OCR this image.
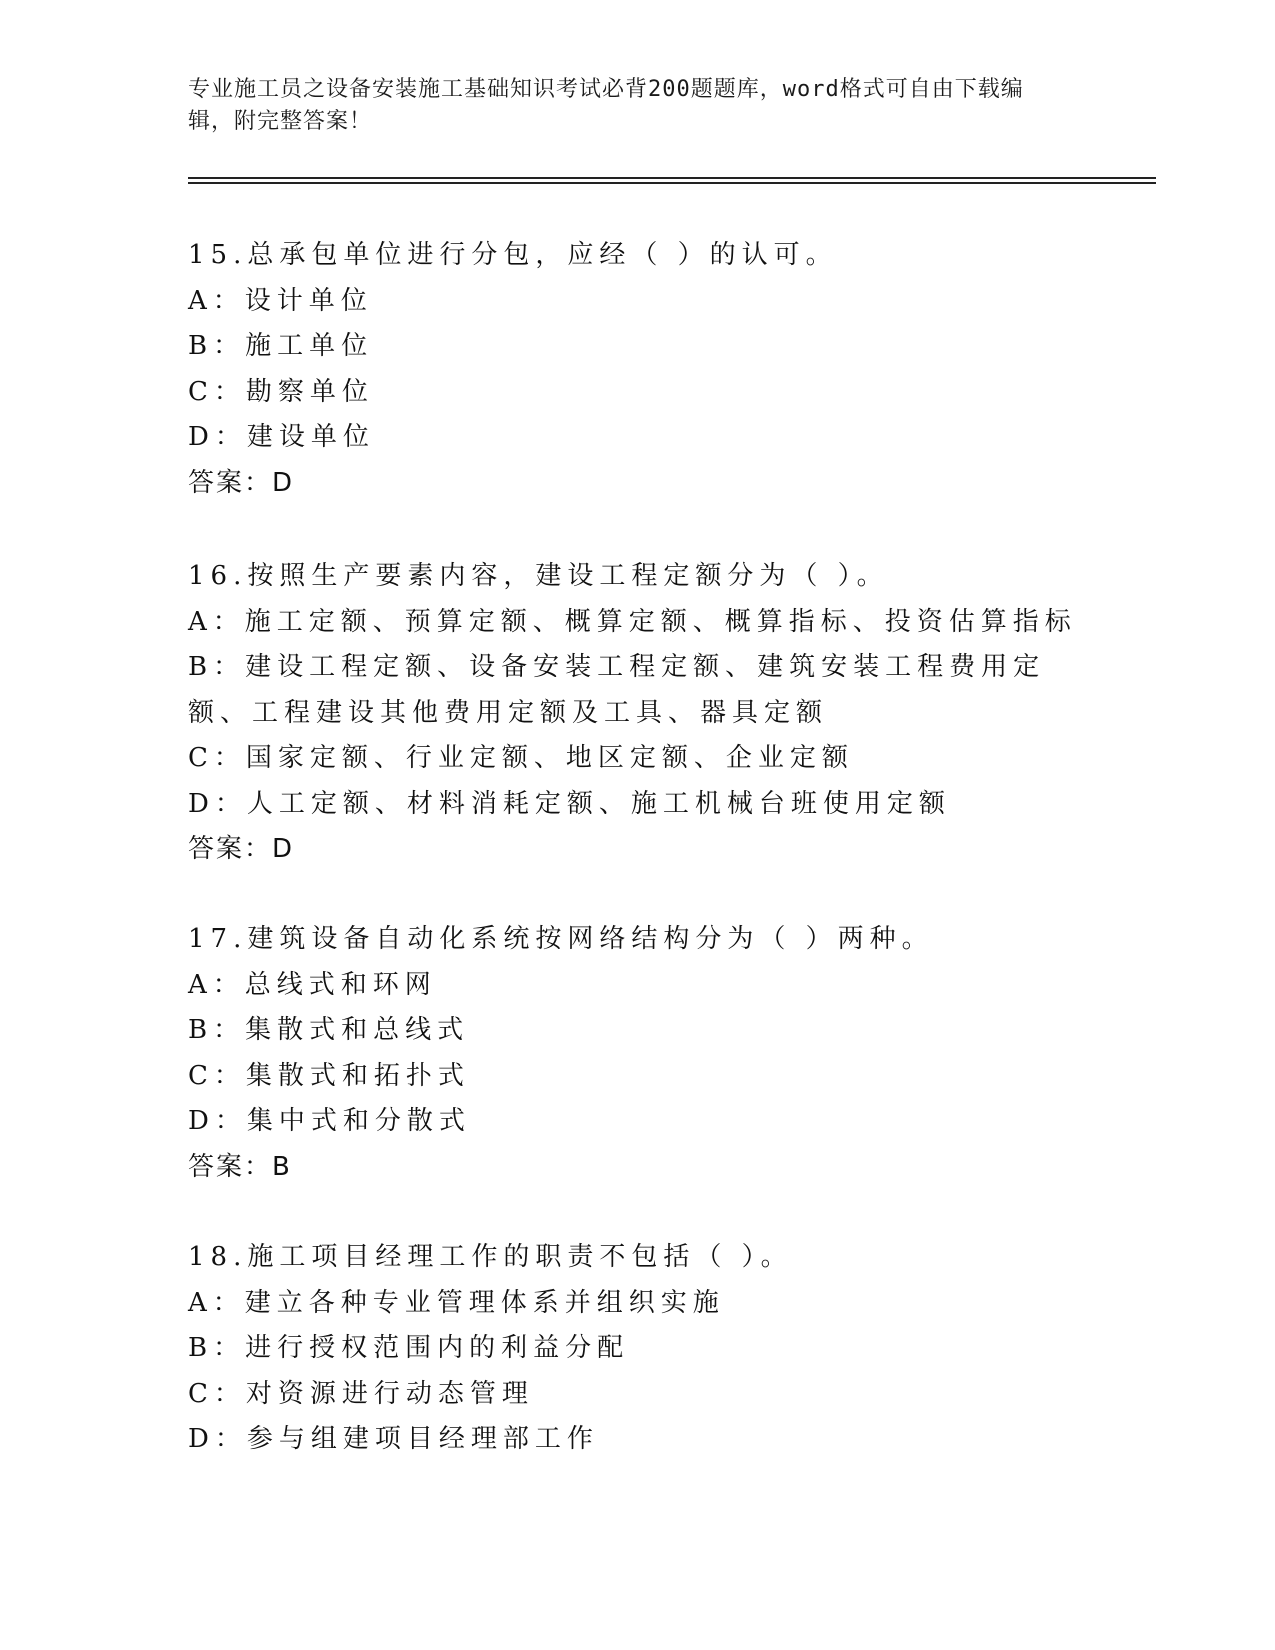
专业施工员之设备安装施工基础知识考试必背200题题库，word格式可自由下载编辑，附完整答案！
15.总承包单位进行分包，应经（ ）的认可。
A：设计单位
B：施工单位
C：勘察单位
D：建设单位
答案：D
16.按照生产要素内容，建设工程定额分为（ ）。
A：施工定额、预算定额、概算定额、概算指标、投资估算指标
B：建设工程定额、设备安装工程定额、建筑安装工程费用定额、工程建设其他费用定额及工具、器具定额
C：国家定额、行业定额、地区定额、企业定额
D：人工定额、材料消耗定额、施工机械台班使用定额
答案：D
17.建筑设备自动化系统按网络结构分为（ ）两种。
A：总线式和环网
B：集散式和总线式
C：集散式和拓扑式
D：集中式和分散式
答案：B
18.施工项目经理工作的职责不包括（ ）。
A：建立各种专业管理体系并组织实施
B：进行授权范围内的利益分配
C：对资源进行动态管理
D：参与组建项目经理部工作
